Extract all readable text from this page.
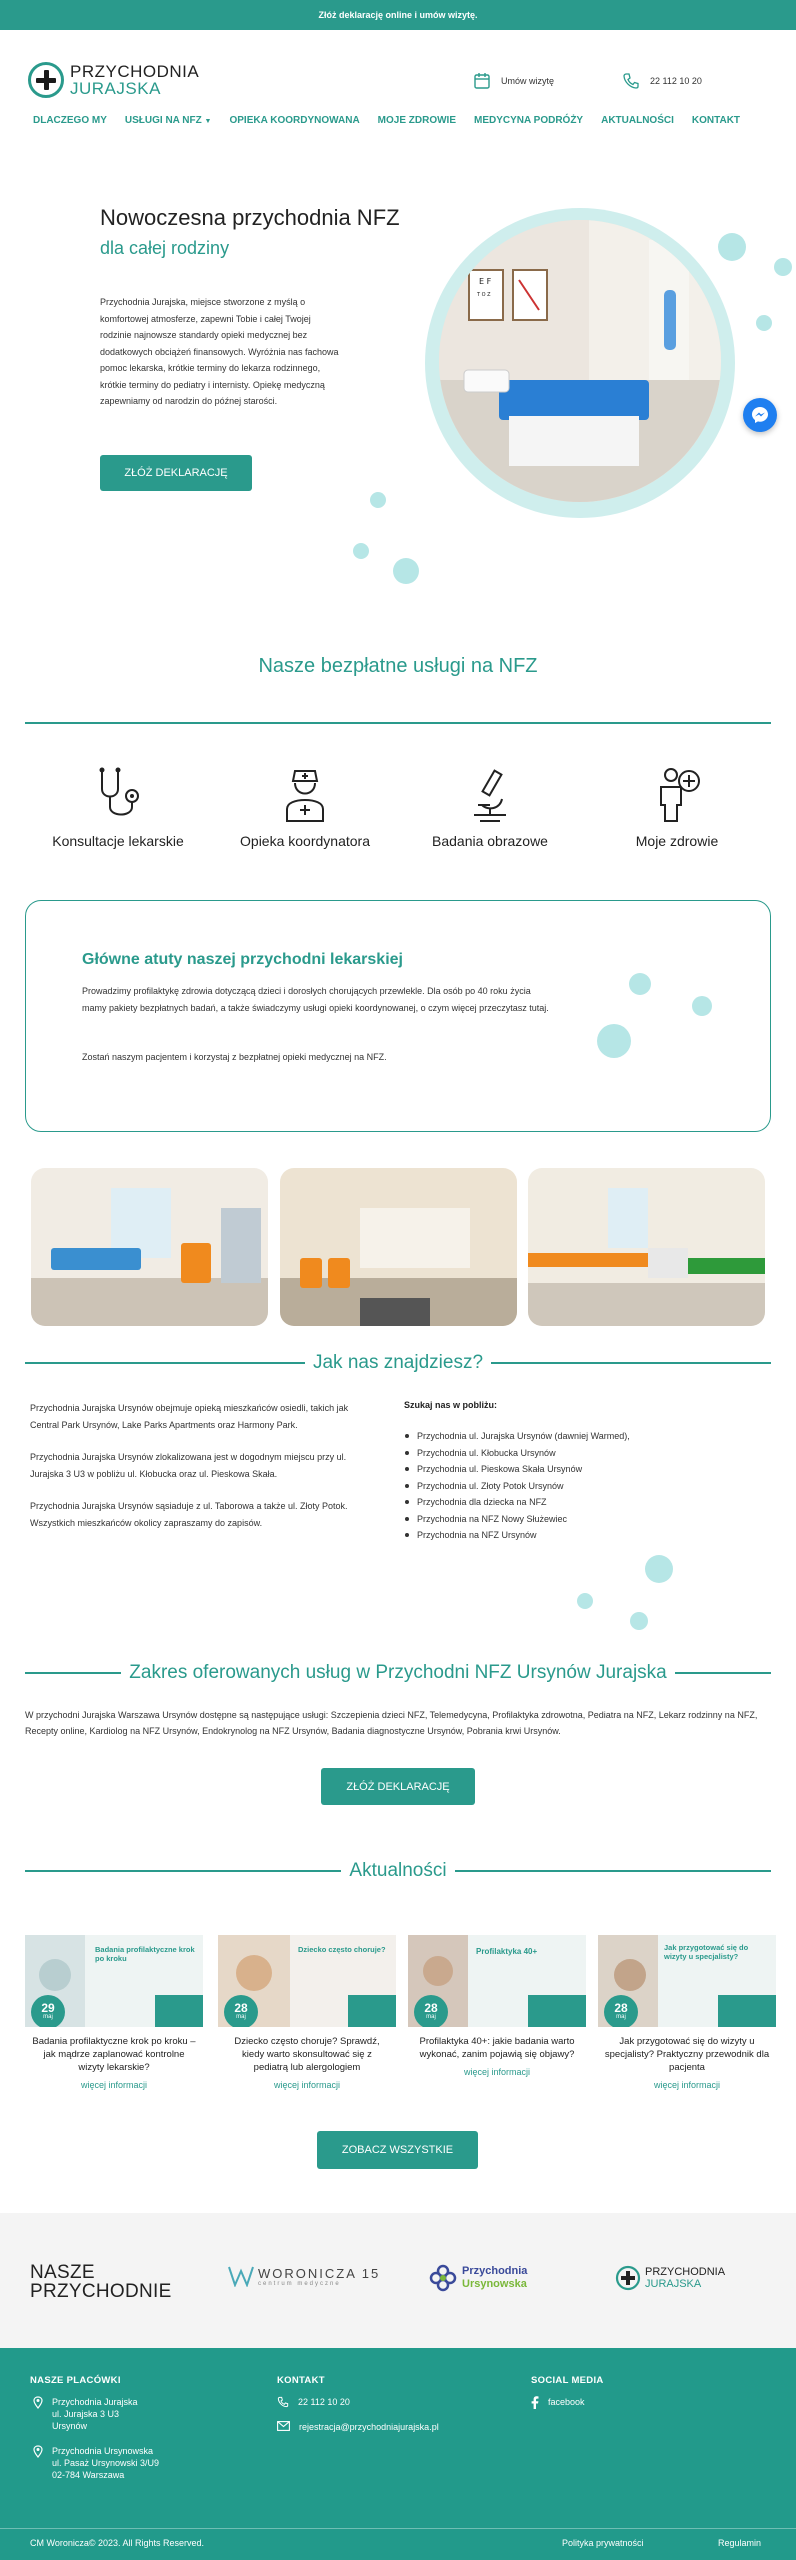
Złóż deklarację online i umów wizytę.
PRZYCHODNIA
JURAJSKA	Umów wizytę	22 112 10 20
DLACZEGO MY USŁUGI NA NFZ ▼ OPIEKA KOORDYNOWANA MOJE ZDROWIE MEDYCYNA PODRÓŻY AKTUALNOŚCI KONTAKT
Nowoczesna przychodnia NFZ
dla całej rodziny
Przychodnia Jurajska, miejsce stworzone z myślą o komfortowej atmosferze, zapewni Tobie i całej Twojej rodzinie najnowsze standardy opieki medycznej bez dodatkowych obciążeń finansowych. Wyróżnia nas fachowa pomoc lekarska, krótkie terminy do lekarza rodzinnego, krótkie terminy do pediatry i internisty. Opiekę medyczną zapewniamy od narodzin do późnej starości.
ZŁÓŻ DEKLARACJĘ
E F
T O Z
Nasze bezpłatne usługi na NFZ
Konsultacje lekarskie	Opieka koordynatora	Badania obrazowe	Moje zdrowie
Główne atuty naszej przychodni lekarskiej

Prowadzimy profilaktykę zdrowia dotyczącą dzieci i dorosłych chorujących przewlekle. Dla osób po 40 roku życia mamy pakiety bezpłatnych badań, a także świadczymy usługi opieki koordynowanej, o czym więcej przeczytasz tutaj.

Zostań naszym pacjentem i korzystaj z bezpłatnej opieki medycznej na NFZ.

Jak nas znajdziesz?
Przychodnia Jurajska Ursynów obejmuje opieką mieszkańców osiedli, takich jak Central Park Ursynów, Lake Parks Apartments oraz Harmony Park.
Przychodnia Jurajska Ursynów zlokalizowana jest w dogodnym miejscu przy ul. Jurajska 3 U3 w pobliżu ul. Kłobucka oraz ul. Pieskowa Skała.
Przychodnia Jurajska Ursynów sąsiaduje z ul. Taborowa a także ul. Złoty Potok. Wszystkich mieszkańców okolicy zapraszamy do zapisów.
Szukaj nas w pobliżu:
Przychodnia ul. Jurajska Ursynów (dawniej Warmed),
Przychodnia ul. Kłobucka Ursynów
Przychodnia ul. Pieskowa Skała Ursynów
Przychodnia ul. Złoty Potok Ursynów
Przychodnia dla dziecka na NFZ
Przychodnia na NFZ Nowy Służewiec
Przychodnia na NFZ Ursynów
Zakres oferowanych usług w Przychodni NFZ Ursynów Jurajska
W przychodni Jurajska Warszawa Ursynów dostępne są następujące usługi: Szczepienia dzieci NFZ, Telemedycyna, Profilaktyka zdrowotna, Pediatra na NFZ, Lekarz rodzinny na NFZ, Recepty online, Kardiolog na NFZ Ursynów, Endokrynolog na NFZ Ursynów, Badania diagnostyczne Ursynów, Pobrania krwi Ursynów.
ZŁÓŻ DEKLARACJĘ
Aktualności
Badania profilaktyczne krok po kroku
29
maj
Badania profilaktyczne krok po kroku – jak mądrze zaplanować kontrolne wizyty lekarskie?
więcej informacji
Dziecko często choruje?
28
maj
Dziecko często choruje? Sprawdź, kiedy warto skonsultować się z pediatrą lub alergologiem
więcej informacji
Profilaktyka 40+
28
maj
Profilaktyka 40+: jakie badania warto wykonać, zanim pojawią się objawy?
więcej informacji
Jak przygotować się do wizyty u specjalisty?
28
maj
Jak przygotować się do wizyty u specjalisty? Praktyczny przewodnik dla pacjenta
więcej informacji
ZOBACZ WSZYSTKIE
NASZE
PRZYCHODNIE
WORONICZA 15
centrum medyczne
Przychodnia
Ursynowska
PRZYCHODNIA
JURAJSKA
NASZE PLACÓWKI
Przychodnia Jurajska
ul. Jurajska 3 U3
Ursynów
Przychodnia Ursynowska
ul. Pasaż Ursynowski 3/U9
02-784 Warszawa
KONTAKT
22 112 10 20
rejestracja@przychodniajurajska.pl
SOCIAL MEDIA
facebook
CM Woronicza© 2023. All Rights Reserved.	Polityka prywatności	Regulamin
